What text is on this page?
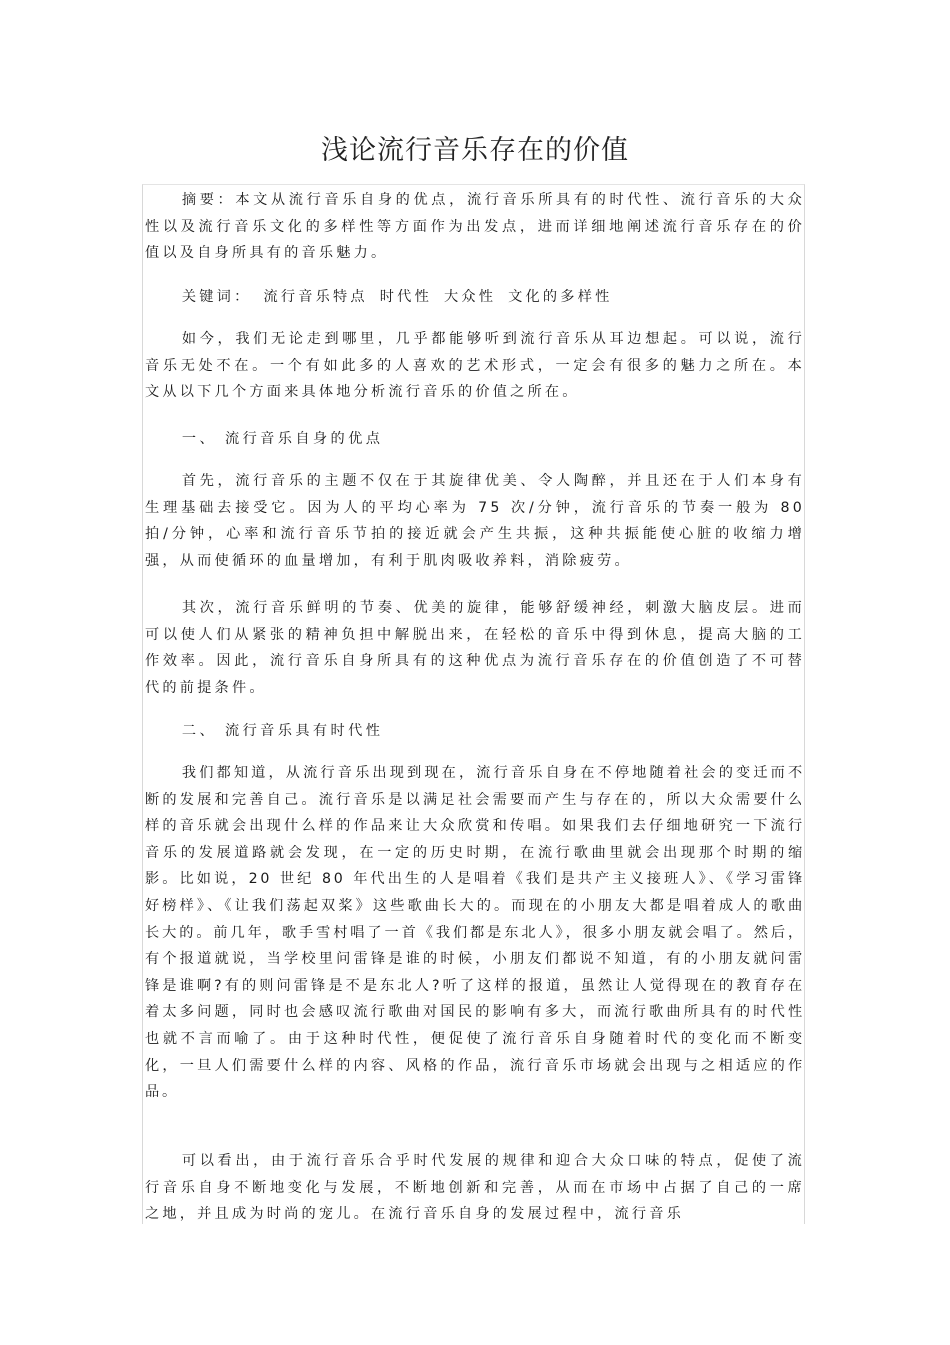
浅论流行音乐存在的价值

摘要：本文从流行音乐自身的优点，流行音乐所具有的时代性、流行音乐的大众性以及流行音乐文化的多样性等方面作为出发点，进而详细地阐述流行音乐存在的价值以及自身所具有的音乐魅力。

关键词： 流行音乐特点 时代性 大众性 文化的多样性

如今，我们无论走到哪里，几乎都能够听到流行音乐从耳边想起。可以说，流行音乐无处不在。一个有如此多的人喜欢的艺术形式，一定会有很多的魅力之所在。本文从以下几个方面来具体地分析流行音乐的价值之所在。

一、 流行音乐自身的优点

首先，流行音乐的主题不仅在于其旋律优美、令人陶醉，并且还在于人们本身有生理基础去接受它。因为人的平均心率为 75 次/分钟，流行音乐的节奏一般为 80 拍/分钟，心率和流行音乐节拍的接近就会产生共振，这种共振能使心脏的收缩力增强，从而使循环的血量增加，有利于肌肉吸收养料，消除疲劳。

其次，流行音乐鲜明的节奏、优美的旋律，能够舒缓神经，刺激大脑皮层。进而可以使人们从紧张的精神负担中解脱出来，在轻松的音乐中得到休息，提高大脑的工作效率。因此，流行音乐自身所具有的这种优点为流行音乐存在的价值创造了不可替代的前提条件。

二、 流行音乐具有时代性

我们都知道，从流行音乐出现到现在，流行音乐自身在不停地随着社会的变迁而不断的发展和完善自己。流行音乐是以满足社会需要而产生与存在的，所以大众需要什么样的音乐就会出现什么样的作品来让大众欣赏和传唱。如果我们去仔细地研究一下流行音乐的发展道路就会发现，在一定的历史时期，在流行歌曲里就会出现那个时期的缩影。比如说，20 世纪 80 年代出生的人是唱着《我们是共产主义接班人》、《学习雷锋好榜样》、《让我们荡起双桨》这些歌曲长大的。而现在的小朋友大都是唱着成人的歌曲长大的。前几年，歌手雪村唱了一首《我们都是东北人》，很多小朋友就会唱了。然后，有个报道就说，当学校里问雷锋是谁的时候，小朋友们都说不知道，有的小朋友就问雷锋是谁啊?有的则问雷锋是不是东北人?听了这样的报道，虽然让人觉得现在的教育存在着太多问题，同时也会感叹流行歌曲对国民的影响有多大，而流行歌曲所具有的时代性也就不言而喻了。由于这种时代性，便促使了流行音乐自身随着时代的变化而不断变化，一旦人们需要什么样的内容、风格的作品，流行音乐市场就会出现与之相适应的作品。

可以看出，由于流行音乐合乎时代发展的规律和迎合大众口味的特点，促使了流行音乐自身不断地变化与发展，不断地创新和完善，从而在市场中占据了自己的一席之地，并且成为时尚的宠儿。在流行音乐自身的发展过程中，流行音乐
